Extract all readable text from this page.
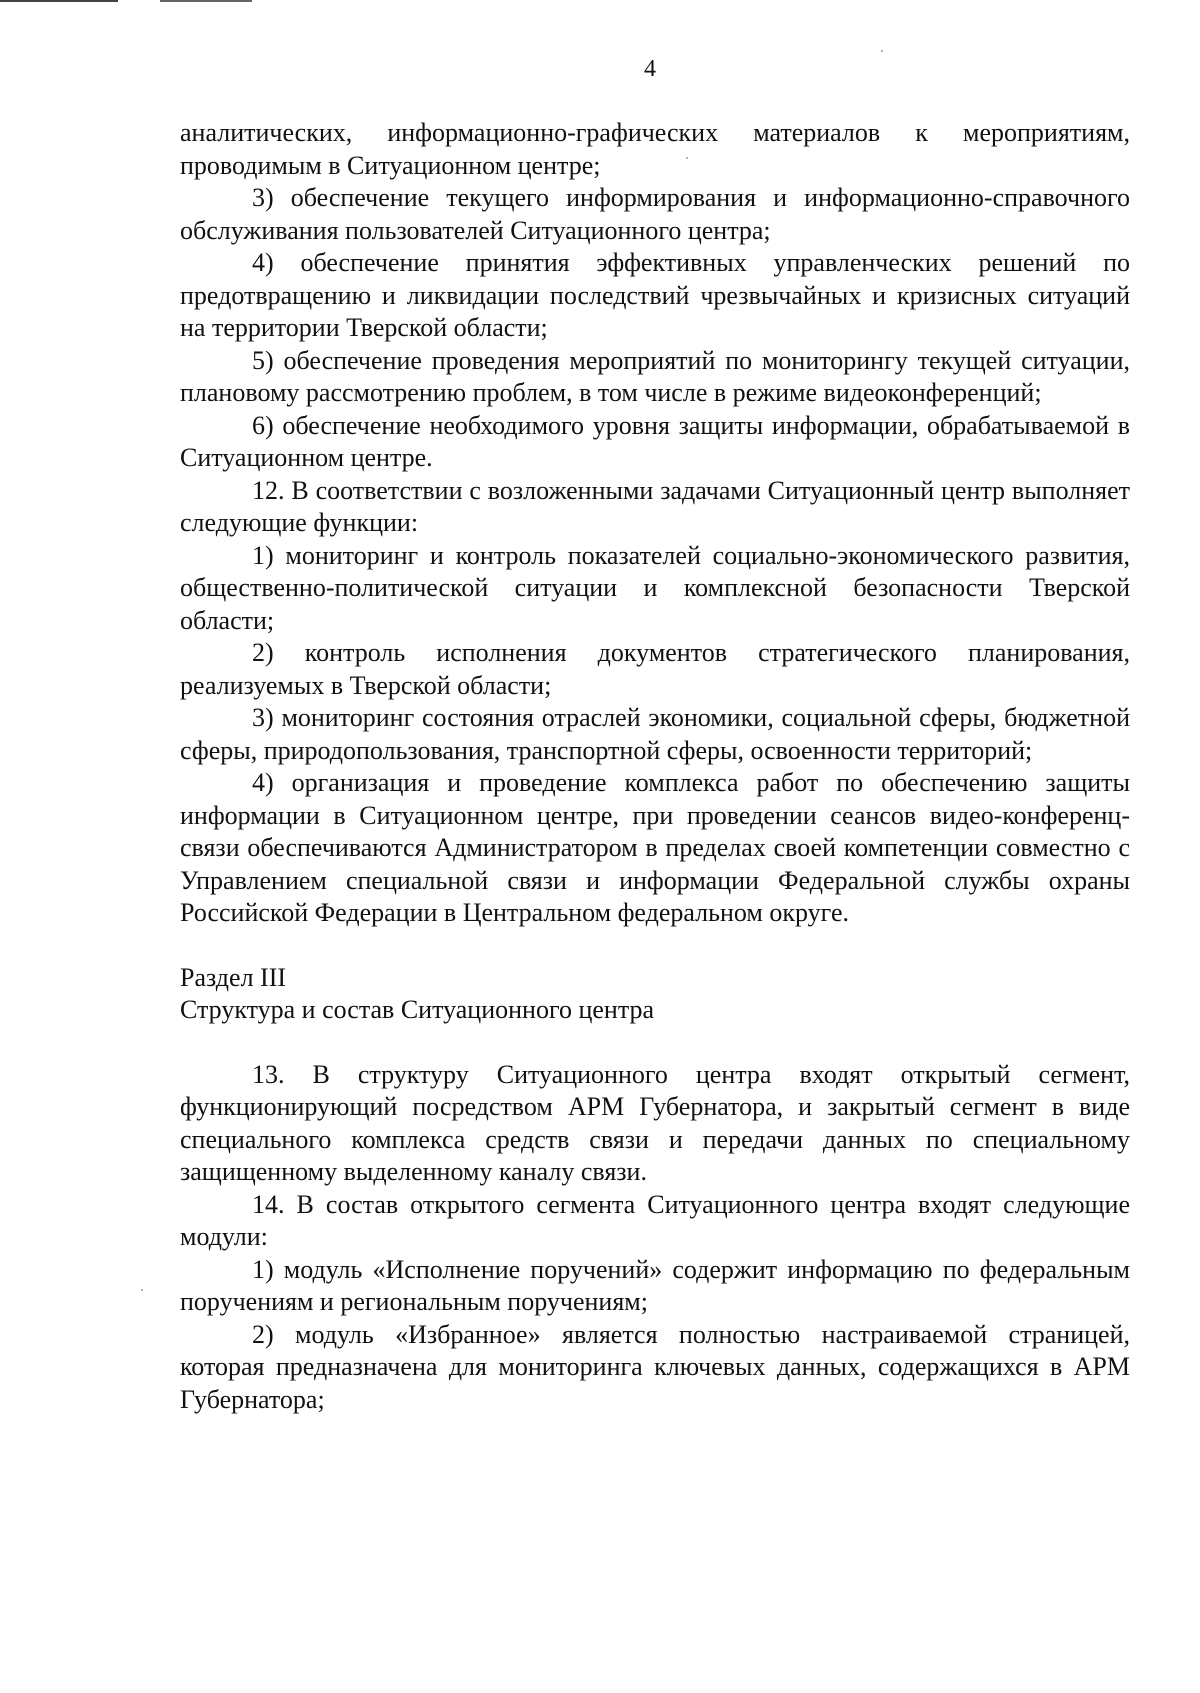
4

аналитических, информационно-графических материалов к мероприятиям, проводимым в Ситуационном центре;

3) обеспечение текущего информирования и информационно-справочного обслуживания пользователей Ситуационного центра;

4) обеспечение принятия эффективных управленческих решений по предотвращению и ликвидации последствий чрезвычайных и кризисных ситуаций на территории Тверской области;

5) обеспечение проведения мероприятий по мониторингу текущей ситуации, плановому рассмотрению проблем, в том числе в режиме видеоконференций;

6) обеспечение необходимого уровня защиты информации, обрабатываемой в Ситуационном центре.

12. В соответствии с возложенными задачами Ситуационный центр выполняет следующие функции:

1) мониторинг и контроль показателей социально-экономического развития, общественно-политической ситуации и комплексной безопасности Тверской области;

2) контроль исполнения документов стратегического планирования, реализуемых в Тверской области;

3) мониторинг состояния отраслей экономики, социальной сферы, бюджетной сферы, природопользования, транспортной сферы, освоенности территорий;

4) организация и проведение комплекса работ по обеспечению защиты информации в Ситуационном центре, при проведении сеансов видео-конференц-связи обеспечиваются Администратором в пределах своей компетенции совместно с Управлением специальной связи и информации Федеральной службы охраны Российской Федерации в Центральном федеральном округе.

Раздел III

Структура и состав Ситуационного центра

13. В структуру Ситуационного центра входят открытый сегмент, функционирующий посредством АРМ Губернатора, и закрытый сегмент в виде специального комплекса средств связи и передачи данных по специальному защищенному выделенному каналу связи.

14. В состав открытого сегмента Ситуационного центра входят следующие модули:

1) модуль «Исполнение поручений» содержит информацию по федеральным поручениям и региональным поручениям;

2) модуль «Избранное» является полностью настраиваемой страницей, которая предназначена для мониторинга ключевых данных, содержащихся в АРМ Губернатора;
